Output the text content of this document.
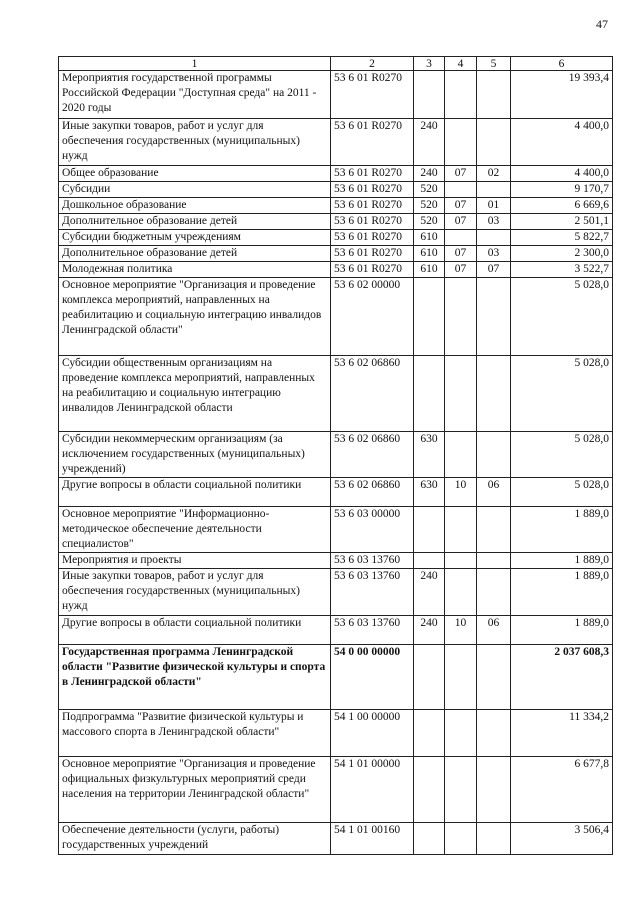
47
1	2	3	4	5	6
Мероприятия государственной программы Российской Федерации "Доступная среда" на 2011 - 2020 годы	53 6 01 R0270				19 393,4
Иные закупки товаров, работ и услуг для обеспечения государственных (муниципальных) нужд	53 6 01 R0270	240			4 400,0
Общее образование	53 6 01 R0270	240	07	02	4 400,0
Субсидии	53 6 01 R0270	520			9 170,7
Дошкольное образование	53 6 01 R0270	520	07	01	6 669,6
Дополнительное образование детей	53 6 01 R0270	520	07	03	2 501,1
Субсидии бюджетным учреждениям	53 6 01 R0270	610			5 822,7
Дополнительное образование детей	53 6 01 R0270	610	07	03	2 300,0
Молодежная политика	53 6 01 R0270	610	07	07	3 522,7
Основное мероприятие "Организация и проведение комплекса мероприятий, направленных на реабилитацию и социальную интеграцию инвалидов Ленинградской области"	53 6 02 00000				5 028,0
Субсидии общественным организациям на проведение комплекса мероприятий, направленных на реабилитацию и социальную интеграцию инвалидов Ленинградской области	53 6 02 06860				5 028,0
Субсидии некоммерческим организациям (за исключением государственных (муниципальных) учреждений)	53 6 02 06860	630			5 028,0
Другие вопросы в области социальной политики	53 6 02 06860	630	10	06	5 028,0
Основное мероприятие "Информационно-методическое обеспечение деятельности специалистов"	53 6 03 00000				1 889,0
Мероприятия и проекты	53 6 03 13760				1 889,0
Иные закупки товаров, работ и услуг для обеспечения государственных (муниципальных) нужд	53 6 03 13760	240			1 889,0
Другие вопросы в области социальной политики	53 6 03 13760	240	10	06	1 889,0
Государственная программа Ленинградской области "Развитие физической культуры и спорта в Ленинградской области"	54 0 00 00000				2 037 608,3
Подпрограмма "Развитие физической культуры и массового спорта в Ленинградской области"	54 1 00 00000				11 334,2
Основное мероприятие "Организация и проведение официальных физкультурных мероприятий среди населения на территории Ленинградской области"	54 1 01 00000				6 677,8
Обеспечение деятельности (услуги, работы) государственных учреждений	54 1 01 00160				3 506,4
